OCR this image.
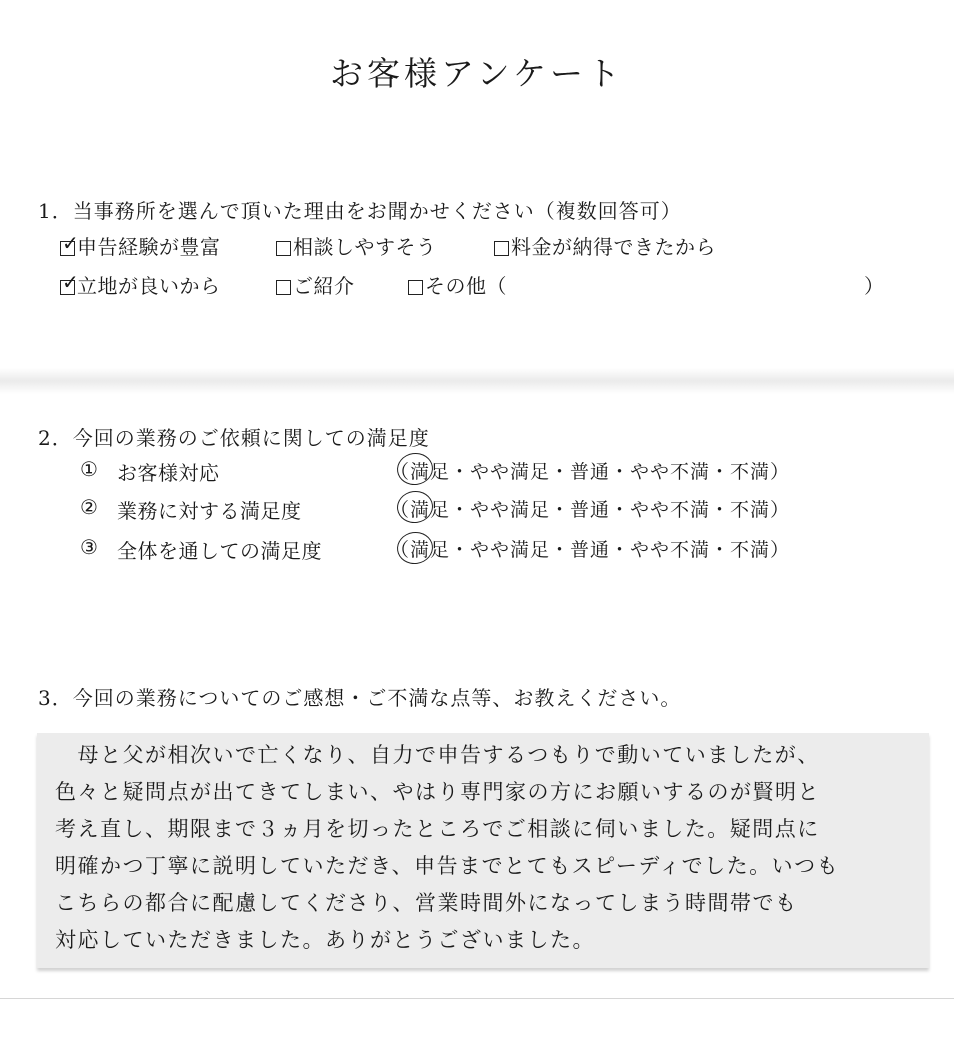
お客様アンケート
1．当事務所を選んで頂いた理由をお聞かせください（複数回答可）
✓
申告経験が豊富	相談しやすそう	料金が納得できたから
✓
立地が良いから	ご紹介	その他（	）
2．今回の業務のご依頼に関しての満足度
① お客様対応	（満足・やや満足・普通・やや不満・不満）
② 業務に対する満足度	（満足・やや満足・普通・やや不満・不満）
③ 全体を通しての満足度	（満足・やや満足・普通・やや不満・不満）
3．今回の業務についてのご感想・ご不満な点等、お教えください。
　母と父が相次いで亡くなり、自力で申告するつもりで動いていましたが、
色々と疑問点が出てきてしまい、やはり専門家の方にお願いするのが賢明と
考え直し、期限まで３ヵ月を切ったところでご相談に伺いました。疑問点に
明確かつ丁寧に説明していただき、申告までとてもスピーディでした。いつも
こちらの都合に配慮してくださり、営業時間外になってしまう時間帯でも
対応していただきました。ありがとうございました。
